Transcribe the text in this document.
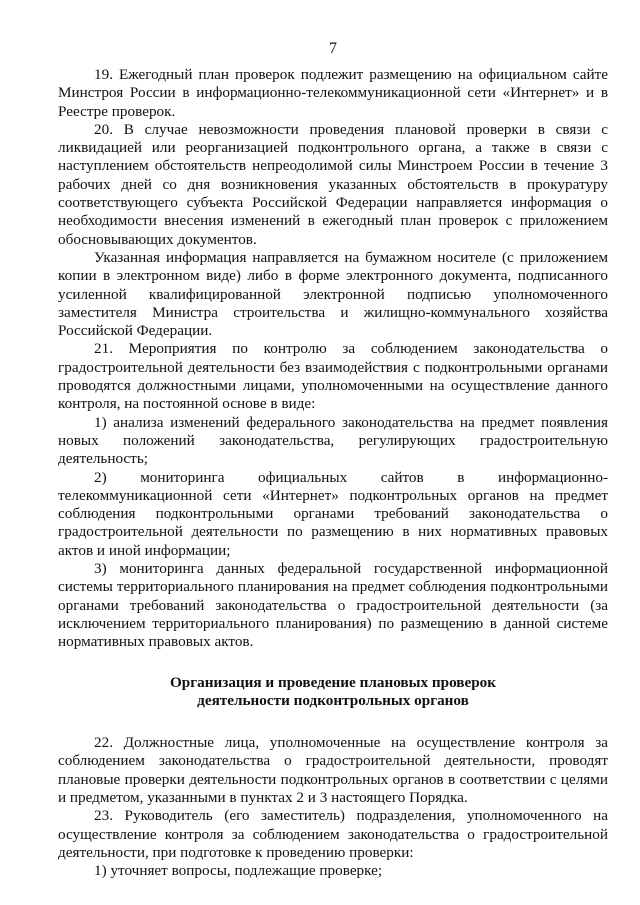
7

19. Ежегодный план проверок подлежит размещению на официальном сайте Минстроя России в информационно-телекоммуникационной сети «Интернет» и в Реестре проверок.

20. В случае невозможности проведения плановой проверки в связи с ликвидацией или реорганизацией подконтрольного органа, а также в связи с наступлением обстоятельств непреодолимой силы Минстроем России в течение 3 рабочих дней со дня возникновения указанных обстоятельств в прокуратуру соответствующего субъекта Российской Федерации направляется информация о необходимости внесения изменений в ежегодный план проверок с приложением обосновывающих документов.

Указанная информация направляется на бумажном носителе (с приложением копии в электронном виде) либо в форме электронного документа, подписанного усиленной квалифицированной электронной подписью уполномоченного заместителя Министра строительства и жилищно-коммунального хозяйства Российской Федерации.

21. Мероприятия по контролю за соблюдением законодательства о градостроительной деятельности без взаимодействия с подконтрольными органами проводятся должностными лицами, уполномоченными на осуществление данного контроля, на постоянной основе в виде:

1) анализа изменений федерального законодательства на предмет появления новых положений законодательства, регулирующих градостроительную деятельность;

2) мониторинга официальных сайтов в информационно-телекоммуникационной сети «Интернет» подконтрольных органов на предмет соблюдения подконтрольными органами требований законодательства о градостроительной деятельности по размещению в них нормативных правовых актов и иной информации;

3) мониторинга данных федеральной государственной информационной системы территориального планирования на предмет соблюдения подконтрольными органами требований законодательства о градостроительной деятельности (за исключением территориального планирования) по размещению в данной системе нормативных правовых актов.

Организация и проведение плановых проверок
деятельности подконтрольных органов

22. Должностные лица, уполномоченные на осуществление контроля за соблюдением законодательства о градостроительной деятельности, проводят плановые проверки деятельности подконтрольных органов в соответствии с целями и предметом, указанными в пунктах 2 и 3 настоящего Порядка.

23. Руководитель (его заместитель) подразделения, уполномоченного на осуществление контроля за соблюдением законодательства о градостроительной деятельности, при подготовке к проведению проверки:

1) уточняет вопросы, подлежащие проверке;
